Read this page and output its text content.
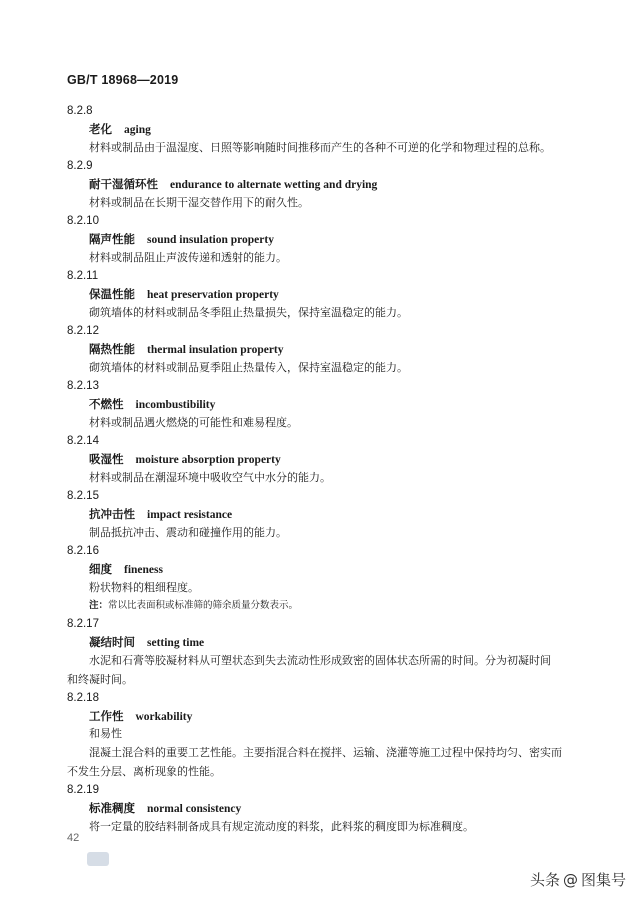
GB/T 18968—2019
8.2.8
老化 aging
材料或制品由于温湿度、日照等影响随时间推移而产生的各种不可逆的化学和物理过程的总称。
8.2.9
耐干湿循环性 endurance to alternate wetting and drying
材料或制品在长期干湿交替作用下的耐久性。
8.2.10
隔声性能 sound insulation property
材料或制品阻止声波传递和透射的能力。
8.2.11
保温性能 heat preservation property
砌筑墙体的材料或制品冬季阻止热量损失，保持室温稳定的能力。
8.2.12
隔热性能 thermal insulation property
砌筑墙体的材料或制品夏季阻止热量传入，保持室温稳定的能力。
8.2.13
不燃性 incombustibility
材料或制品遇火燃烧的可能性和难易程度。
8.2.14
吸湿性 moisture absorption property
材料或制品在潮湿环境中吸收空气中水分的能力。
8.2.15
抗冲击性 impact resistance
制品抵抗冲击、震动和碰撞作用的能力。
8.2.16
细度 fineness
粉状物料的粗细程度。
注：常以比表面积或标准筛的筛余质量分数表示。
8.2.17
凝结时间 setting time
水泥和石膏等胶凝材料从可塑状态到失去流动性形成致密的固体状态所需的时间。分为初凝时间
和终凝时间。
8.2.18
工作性 workability
和易性
混凝土混合料的重要工艺性能。主要指混合料在搅拌、运输、浇灌等施工过程中保持均匀、密实而
不发生分层、离析现象的性能。
8.2.19
标准稠度 normal consistency
将一定量的胶结料制备成具有规定流动度的料浆，此料浆的稠度即为标准稠度。
42
头条 @ 图集号
